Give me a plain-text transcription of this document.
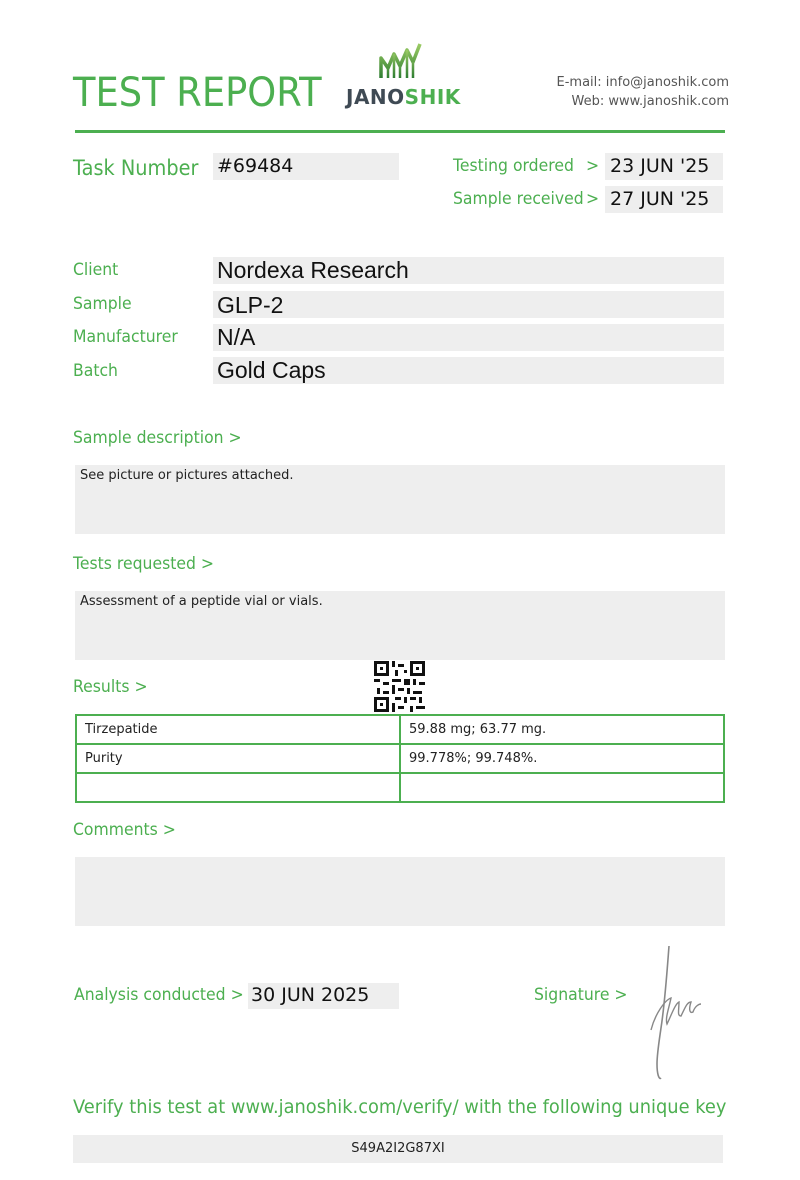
TEST REPORT JANOSHIK
E-mail: info@janoshik.com
Web: www.janoshik.com
Task Number #69484	Testing ordered > 23 JUN '25
Sample received > 27 JUN '25
Client	Nordexa Research
Sample	GLP-2
Manufacturer N/A
Batch	Gold Caps
Sample description >
See picture or pictures attached.
Tests requested >
Assessment of a peptide vial or vials.
Results >
Tirzepatide	59.88 mg; 63.77 mg.
Purity	99.778%; 99.748%.

Comments >
Analysis conducted > 30 JUN 2025	Signature >
Verify this test at www.janoshik.com/verify/ with the following unique key
S49A2I2G87XI
